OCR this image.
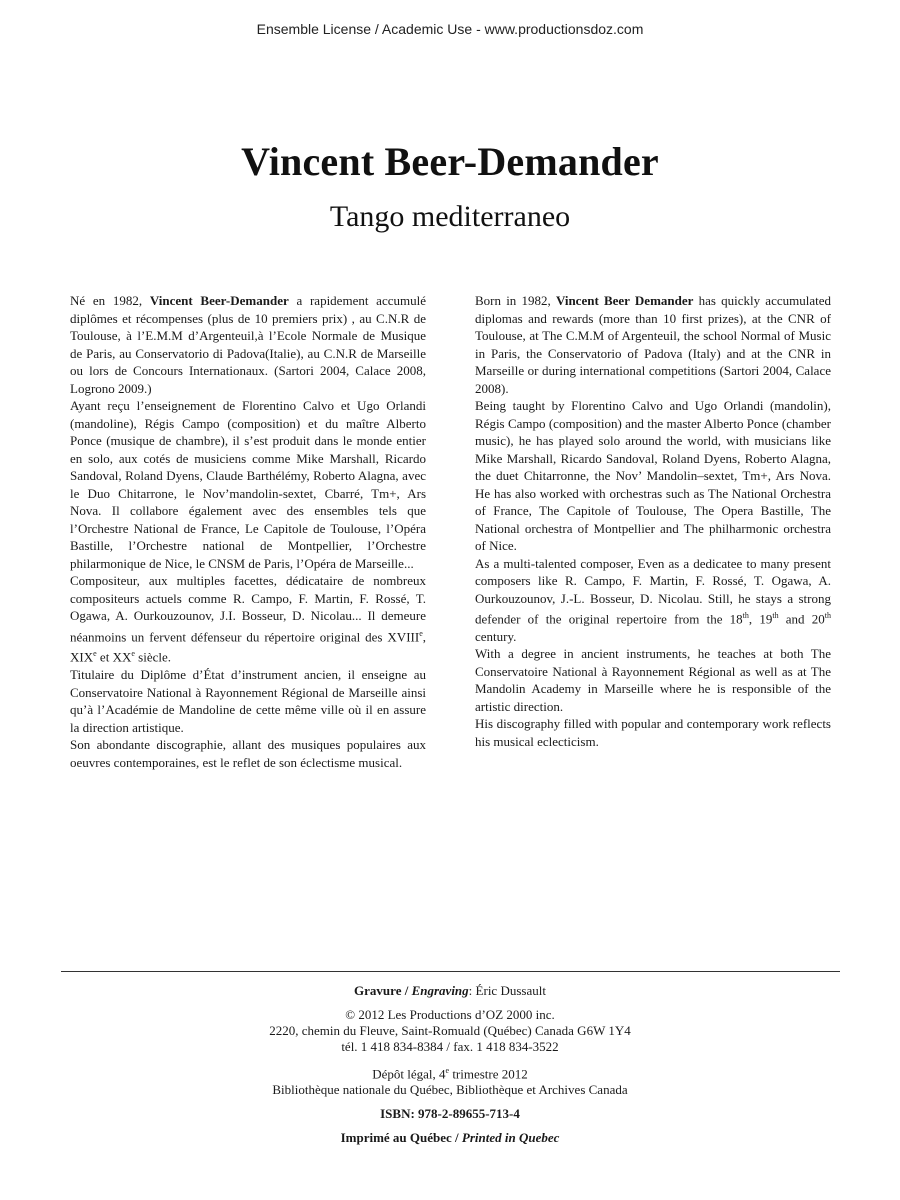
Ensemble License / Academic Use - www.productionsdoz.com
Vincent Beer-Demander
Tango mediterraneo

Né en 1982, Vincent Beer-Demander a rapidement accumulé diplômes et récompenses (plus de 10 premiers prix) , au C.N.R de Toulouse, à l’E.M.M d’Argenteuil,à l’Ecole Normale de Musique de Paris, au Conservatorio di Padova(Italie), au C.N.R de Marseille ou lors de Concours Internationaux. (Sartori 2004, Calace 2008, Logrono 2009.)

Ayant reçu l’enseignement de Florentino Calvo et Ugo Orlandi (mandoline), Régis Campo (composition) et du maître Alberto Ponce (musique de chambre), il s’est produit dans le monde entier en solo, aux cotés de musiciens comme Mike Marshall, Ricardo Sandoval, Roland Dyens, Claude Barthélémy, Roberto Alagna, avec le Duo Chitarrone, le Nov’mandolin-sextet, Cbarré, Tm+, Ars Nova. Il collabore également avec des ensembles tels que l’Orchestre National de France, Le Capitole de Toulouse, l’Opéra Bastille, l’Orchestre national de Montpellier, l’Orchestre philarmonique de Nice, le CNSM de Paris, l’Opéra de Marseille...

Compositeur, aux multiples facettes, dédicataire de nombreux compositeurs actuels comme R. Campo, F. Martin, F. Rossé, T. Ogawa, A. Ourkouzounov, J.I. Bosseur, D. Nicolau... Il demeure néanmoins un fervent défenseur du répertoire original des XVIIIe, XIXe et XXe siècle.

Titulaire du Diplôme d’État d’instrument ancien, il enseigne au Conservatoire National à Rayonnement Régional de Marseille ainsi qu’à l’Académie de Mandoline de cette même ville où il en assure la direction artistique.

Son abondante discographie, allant des musiques populaires aux oeuvres contemporaines, est le reflet de son éclectisme musical.

Born in 1982, Vincent Beer Demander has quickly accumulated diplomas and rewards (more than 10 first prizes), at the CNR of Toulouse, at The C.M.M of Argenteuil, the school Normal of Music in Paris, the Conservatorio of Padova (Italy) and at the CNR in Marseille or during international competitions (Sartori 2004, Calace 2008).

Being taught by Florentino Calvo and Ugo Orlandi (mandolin), Régis Campo (composition) and the master Alberto Ponce (chamber music), he has played solo around the world, with musicians like Mike Marshall, Ricardo Sandoval, Roland Dyens, Roberto Alagna, the duet Chitarronne, the Nov’ Mandolin–sextet, Tm+, Ars Nova. He has also worked with orchestras such as The National Orchestra of France, The Capitole of Toulouse, The Opera Bastille, The National orchestra of Montpellier and The philharmonic orchestra of Nice.

As a multi-talented composer, Even as a dedicatee to many present composers like R. Campo, F. Martin, F. Rossé, T. Ogawa, A. Ourkouzounov, J.-L. Bosseur, D. Nicolau. Still, he stays a strong defender of the original repertoire from the 18th, 19th and 20th century.

With a degree in ancient instruments, he teaches at both The Conservatoire National à Rayonnement Régional as well as at The Mandolin Academy in Marseille where he is responsible of the artistic direction.

His discography filled with popular and contemporary work reflects his musical eclecticism.

Gravure / Engraving: Éric Dussault
© 2012 Les Productions d’OZ 2000 inc.
2220, chemin du Fleuve, Saint-Romuald (Québec) Canada G6W 1Y4
tél. 1 418 834-8384 / fax. 1 418 834-3522
Dépôt légal, 4e trimestre 2012
Bibliothèque nationale du Québec, Bibliothèque et Archives Canada
ISBN: 978-2-89655-713-4
Imprimé au Québec / Printed in Quebec
